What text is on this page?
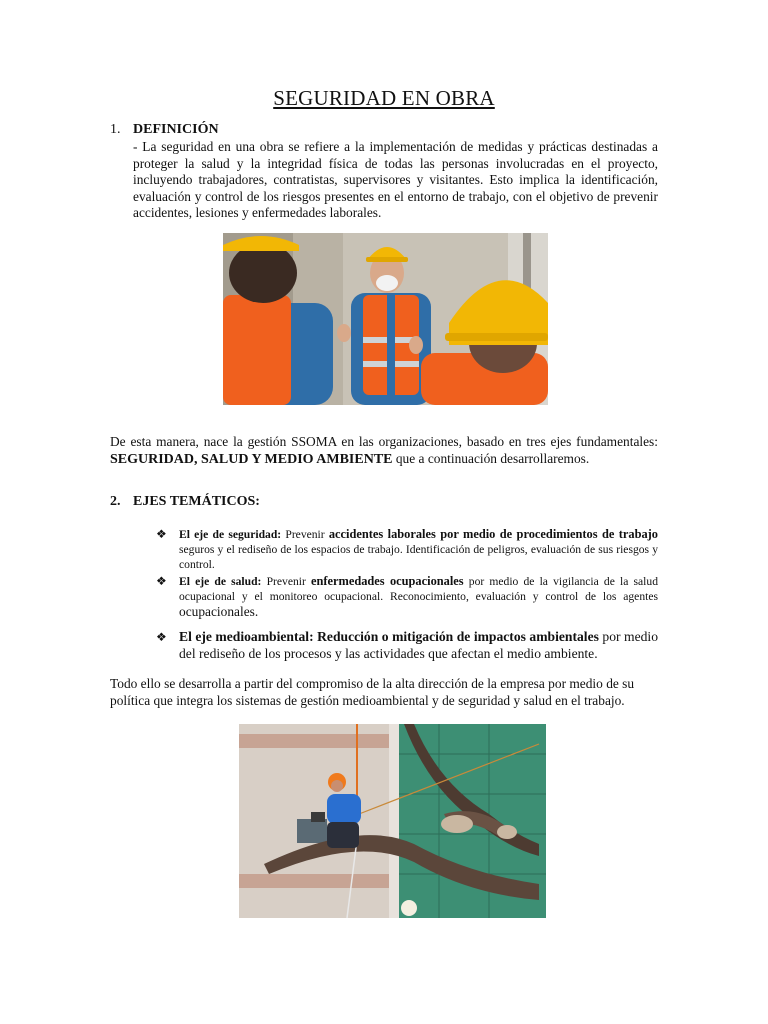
SEGURIDAD EN OBRA
1. DEFINICIÓN

- La seguridad en una obra se refiere a la implementación de medidas y prácticas destinadas a proteger la salud y la integridad física de todas las personas involucradas en el proyecto, incluyendo trabajadores, contratistas, supervisores y visitantes. Esto implica la identificación, evaluación y control de los riesgos presentes en el entorno de trabajo, con el objetivo de prevenir accidentes, lesiones y enfermedades laborales.

De esta manera, nace la gestión SSOMA en las organizaciones, basado en tres ejes fundamentales: SEGURIDAD, SALUD Y MEDIO AMBIENTE que a continuación desarrollaremos.

2. EJES TEMÁTICOS:
❖ El eje de seguridad: Prevenir accidentes laborales por medio de procedimientos de trabajo seguros y el rediseño de los espacios de trabajo. Identificación de peligros, evaluación de sus riesgos y control.
❖ El eje de salud: Prevenir enfermedades ocupacionales por medio de la vigilancia de la salud ocupacional y el monitoreo ocupacional. Reconocimiento, evaluación y control de los agentes ocupacionales.
❖ El eje medioambiental: Reducción o mitigación de impactos ambientales por medio del rediseño de los procesos y las actividades que afectan el medio ambiente.

Todo ello se desarrolla a partir del compromiso de la alta dirección de la empresa por medio de su política que integra los sistemas de gestión medioambiental y de seguridad y salud en el trabajo.
